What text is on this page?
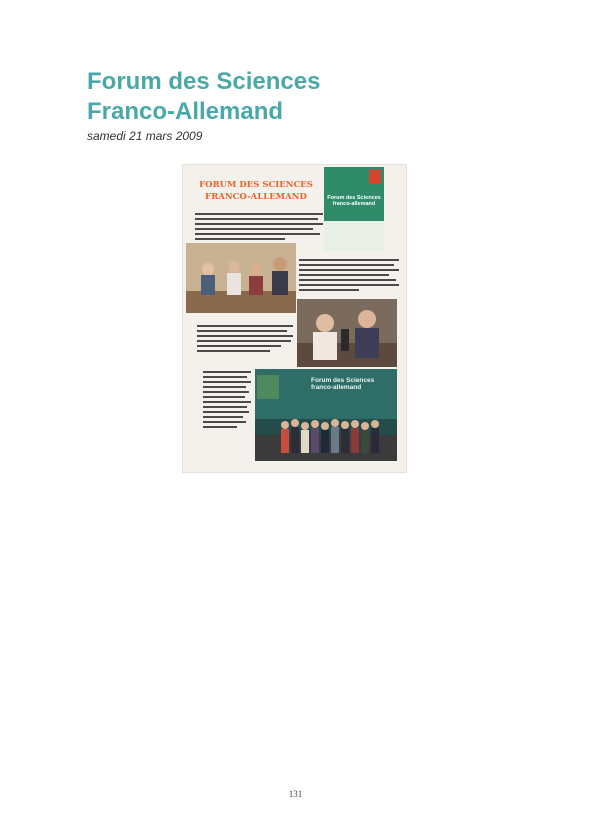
Forum des Sciences
Franco-Allemand
samedi 21 mars 2009
FORUM DES SCIENCES
FRANCO-ALLEMAND	Forum des Sciences franco-allemand
Forum des Sciences
franco-allemand
131
